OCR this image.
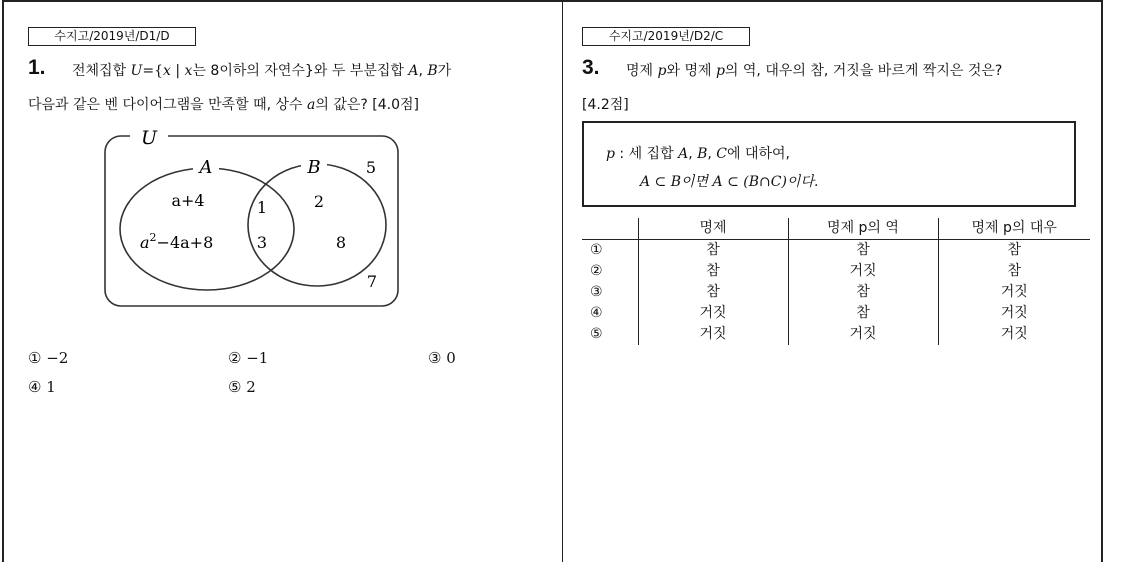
수지고/2019년/D1/D
1. 전체집합 U={x | x는 8이하의 자연수}와 두 부분집합 A, B가
다음과 같은 벤 다이어그램을 만족할 때, 상수 a의 값은? [4.0점]
U
A	B	5
7
a+4
$a^2-4a+8$
1
3
2
8
① −2	② −1	③ 0
④ 1	⑤ 2
수지고/2019년/D2/C
3. 명제 p와 명제 p의 역, 대우의 참, 거짓을 바르게 짝지은 것은?
[4.2점]
p : 세 집합 A, B, C에 대하여,
A ⊂ B이면 A ⊂ (B∩C)이다.
	명제	명제 p의 역	명제 p의 대우
①	참	참	참
②	참	거짓	참
③	참	참	거짓
④	거짓	참	거짓
⑤	거짓	거짓	거짓
